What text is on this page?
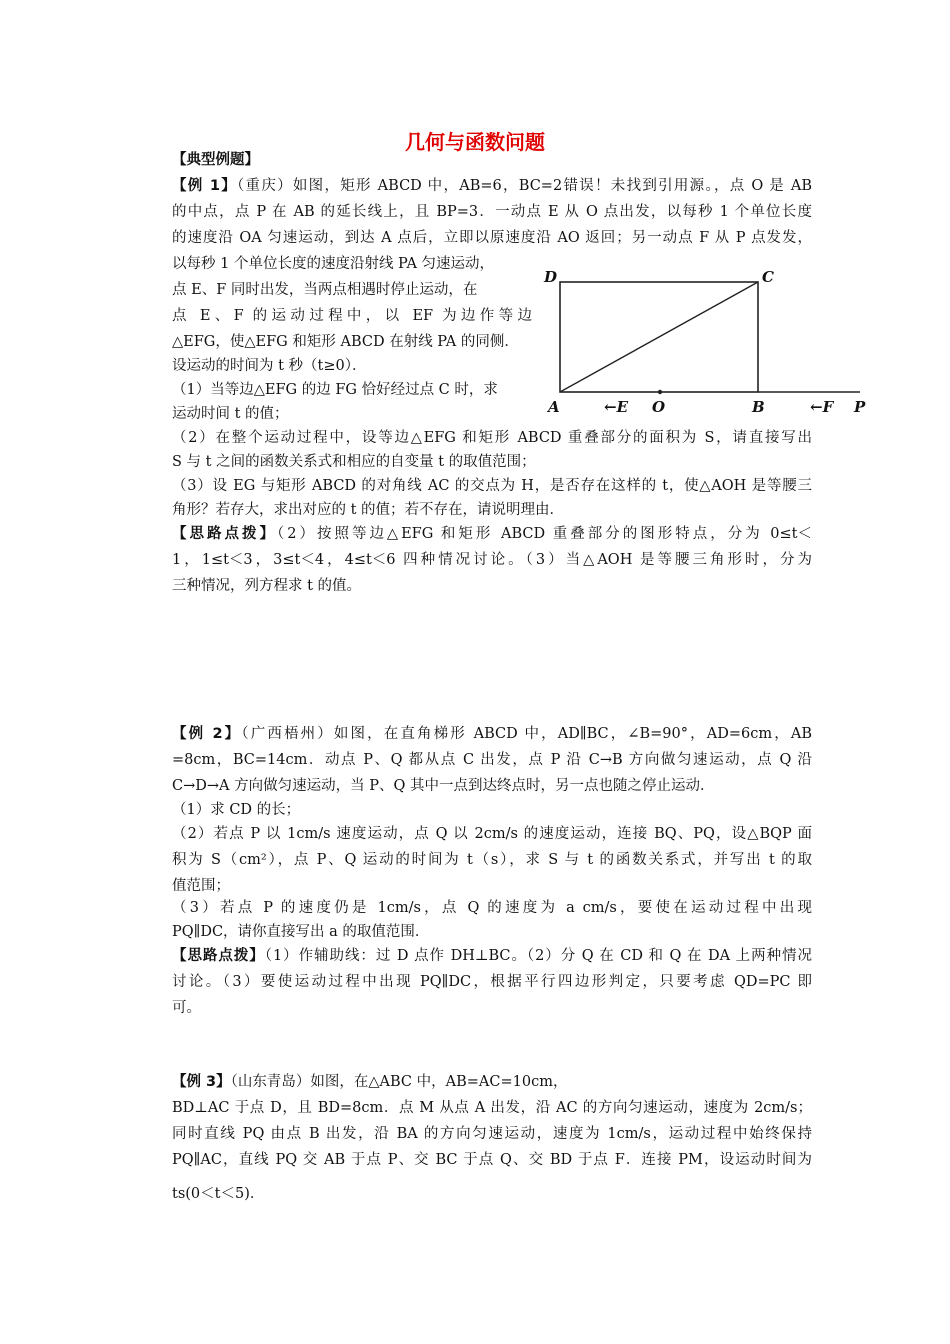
几何与函数问题
【典型例题】
【例 1】（重庆）如图，矩形 ABCD 中，AB=6，BC=2错误！未找到引用源。，点 O 是 AB
的中点，点 P 在 AB 的延长线上，且 BP=3．一动点 E 从 O 点出发，以每秒 1 个单位长度
的速度沿 OA 匀速运动，到达 A 点后，立即以原速度沿 AO 返回；另一动点 F 从 P 点发发，
以每秒 1 个单位长度的速度沿射线 PA 匀速运动，
点 E、F 同时出发，当两点相遇时停止运动，在
点 E、F 的运动过程中，以 EF 为边作等边
△EFG，使△EFG 和矩形 ABCD 在射线 PA 的同侧．
设运动的时间为 t 秒（t≥0）．
（1）当等边△EFG 的边 FG 恰好经过点 C 时，求
运动时间 t 的值；
（2）在整个运动过程中，设等边△EFG 和矩形 ABCD 重叠部分的面积为 S，请直接写出
S 与 t 之间的函数关系式和相应的自变量 t 的取值范围；
（3）设 EG 与矩形 ABCD 的对角线 AC 的交点为 H，是否存在这样的 t，使△AOH 是等腰三
角形？若存大，求出对应的 t 的值；若不存在，请说明理由．
【思路点拨】（2）按照等边△EFG 和矩形 ABCD 重叠部分的图形特点，分为 0≤t＜
1，1≤t＜3，3≤t＜4，4≤t＜6 四种情况讨论。（3）当△AOH 是等腰三角形时，分为
三种情况，列方程求 t 的值。
D	C
A	←E O	B	←F P
【例 2】（广西梧州）如图，在直角梯形 ABCD 中，AD∥BC，∠B=90°，AD=6cm，AB
=8cm，BC=14cm．动点 P、Q 都从点 C 出发，点 P 沿 C→B 方向做匀速运动，点 Q 沿
C→D→A 方向做匀速运动，当 P、Q 其中一点到达终点时，另一点也随之停止运动．
（1）求 CD 的长；
（2）若点 P 以 1cm/s 速度运动，点 Q 以 2cm/s 的速度运动，连接 BQ、PQ，设△BQP 面
积为 S（cm²），点 P、Q 运动的时间为 t（s），求 S 与 t 的函数关系式，并写出 t 的取
值范围；
（3）若点 P 的速度仍是 1cm/s，点 Q 的速度为 a cm/s，要使在运动过程中出现
PQ∥DC，请你直接写出 a 的取值范围．
【思路点拨】（1）作辅助线：过 D 点作 DH⊥BC。（2）分 Q 在 CD 和 Q 在 DA 上两种情况
讨论。（3）要使运动过程中出现 PQ∥DC，根据平行四边形判定，只要考虑 QD=PC 即
可。
【例 3】（山东青岛）如图，在△ABC 中，AB=AC=10cm，
BD⊥AC 于点 D，且 BD=8cm．点 M 从点 A 出发，沿 AC 的方向匀速运动，速度为 2cm/s；
同时直线 PQ 由点 B 出发，沿 BA 的方向匀速运动，速度为 1cm/s，运动过程中始终保持
PQ∥AC，直线 PQ 交 AB 于点 P、交 BC 于点 Q、交 BD 于点 F．连接 PM，设运动时间为
ts(0＜t＜5)．
